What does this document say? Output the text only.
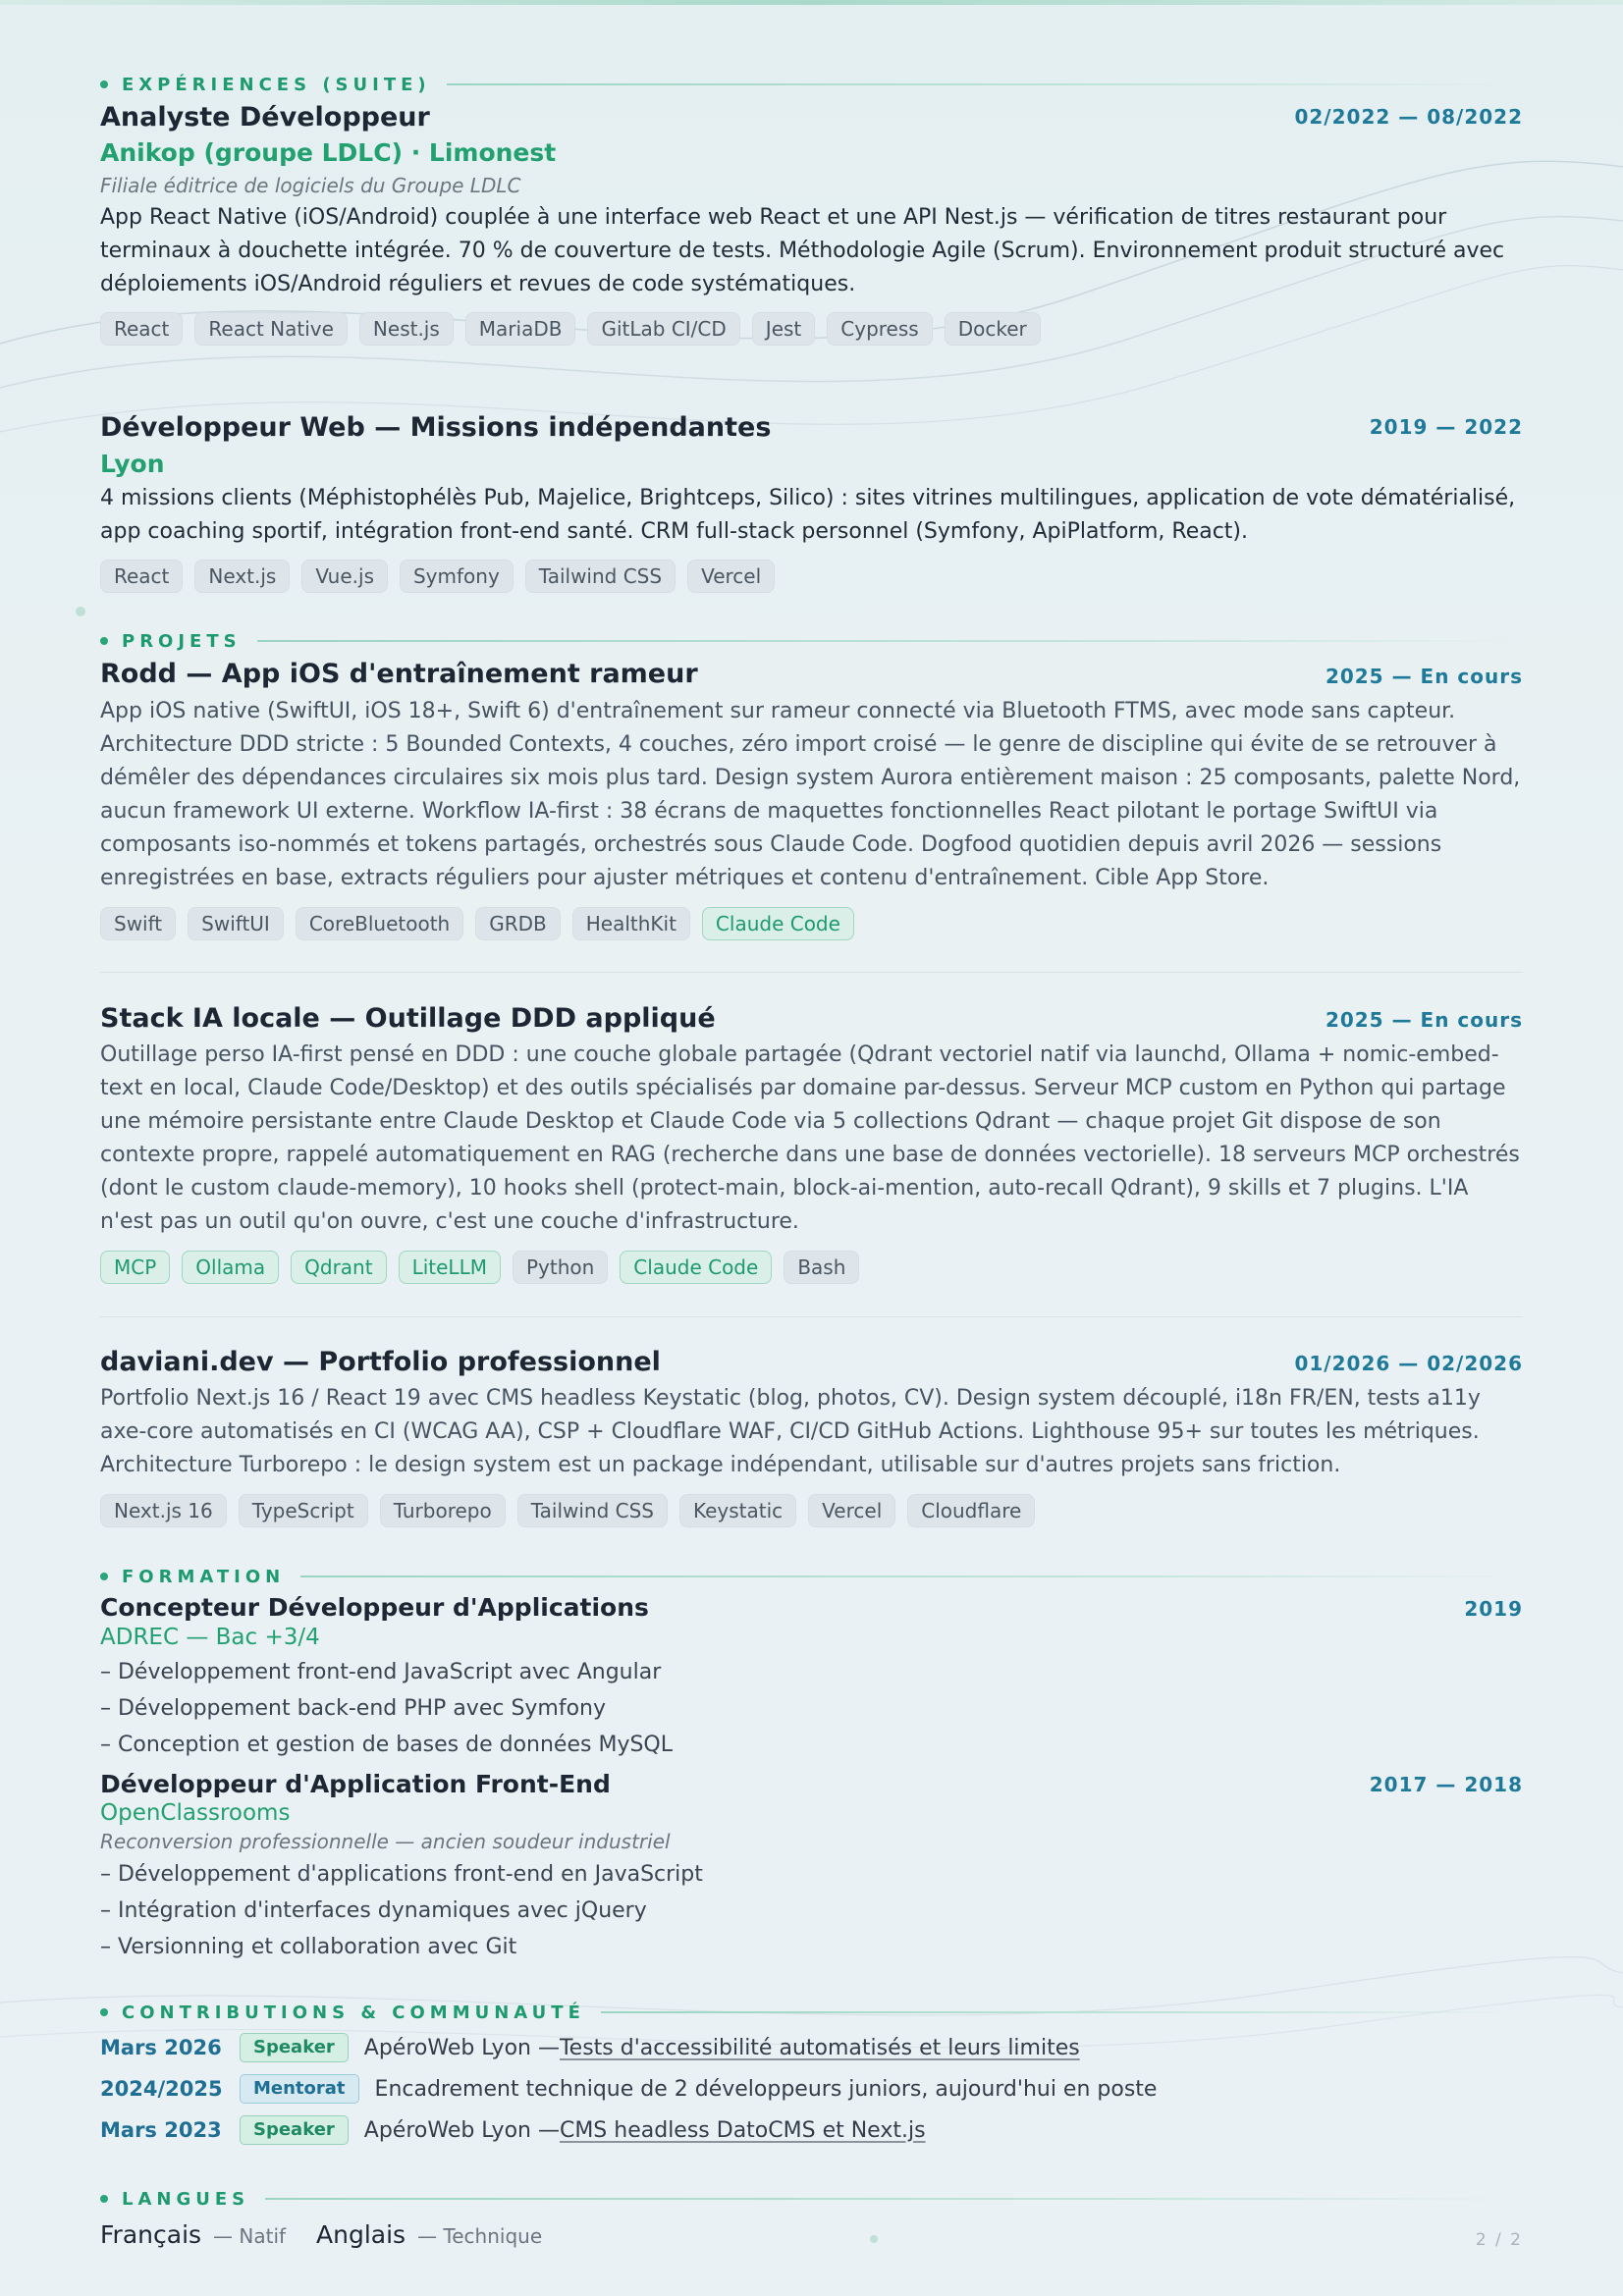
EXPÉRIENCES (SUITE)
Analyste Développeur	02/2022 — 08/2022
Anikop (groupe LDLC) · Limonest
Filiale éditrice de logiciels du Groupe LDLC
App React Native (iOS/Android) couplée à une interface web React et une API Nest.js — vérification de titres restaurant pour terminaux à douchette intégrée. 70 % de couverture de tests. Méthodologie Agile (Scrum). Environnement produit structuré avec déploiements iOS/Android réguliers et revues de code systématiques.
React	React Native	Nest.js	MariaDB	GitLab CI/CD	Jest	Cypress	Docker
Développeur Web — Missions indépendantes	2019 — 2022
Lyon
4 missions clients (Méphistophélès Pub, Majelice, Brightceps, Silico) : sites vitrines multilingues, application de vote dématérialisé, app coaching sportif, intégration front-end santé. CRM full-stack personnel (Symfony, ApiPlatform, React).
React	Next.js	Vue.js	Symfony	Tailwind CSS	Vercel
PROJETS
Rodd — App iOS d'entraînement rameur	2025 — En cours
App iOS native (SwiftUI, iOS 18+, Swift 6) d'entraînement sur rameur connecté via Bluetooth FTMS, avec mode sans capteur. Architecture DDD stricte : 5 Bounded Contexts, 4 couches, zéro import croisé — le genre de discipline qui évite de se retrouver à démêler des dépendances circulaires six mois plus tard. Design system Aurora entièrement maison : 25 composants, palette Nord, aucun framework UI externe. Workflow IA-first : 38 écrans de maquettes fonctionnelles React pilotant le portage SwiftUI via composants iso-nommés et tokens partagés, orchestrés sous Claude Code. Dogfood quotidien depuis avril 2026 — sessions enregistrées en base, extracts réguliers pour ajuster métriques et contenu d'entraînement. Cible App Store.
Swift	SwiftUI	CoreBluetooth	GRDB	HealthKit	Claude Code
Stack IA locale — Outillage DDD appliqué	2025 — En cours
Outillage perso IA-first pensé en DDD : une couche globale partagée (Qdrant vectoriel natif via launchd, Ollama + nomic-embed-text en local, Claude Code/Desktop) et des outils spécialisés par domaine par-dessus. Serveur MCP custom en Python qui partage une mémoire persistante entre Claude Desktop et Claude Code via 5 collections Qdrant — chaque projet Git dispose de son contexte propre, rappelé automatiquement en RAG (recherche dans une base de données vectorielle). 18 serveurs MCP orchestrés (dont le custom claude-memory), 10 hooks shell (protect-main, block-ai-mention, auto-recall Qdrant), 9 skills et 7 plugins. L'IA n'est pas un outil qu'on ouvre, c'est une couche d'infrastructure.
MCP	Ollama	Qdrant	LiteLLM	Python	Claude Code	Bash
daviani.dev — Portfolio professionnel	01/2026 — 02/2026
Portfolio Next.js 16 / React 19 avec CMS headless Keystatic (blog, photos, CV). Design system découplé, i18n FR/EN, tests a11y axe-core automatisés en CI (WCAG AA), CSP + Cloudflare WAF, CI/CD GitHub Actions. Lighthouse 95+ sur toutes les métriques. Architecture Turborepo : le design system est un package indépendant, utilisable sur d'autres projets sans friction.
Next.js 16	TypeScript	Turborepo	Tailwind CSS	Keystatic	Vercel	Cloudflare
FORMATION
Concepteur Développeur d'Applications	2019
ADREC — Bac +3/4
– Développement front-end JavaScript avec Angular
– Développement back-end PHP avec Symfony
– Conception et gestion de bases de données MySQL
Développeur d'Application Front-End	2017 — 2018
OpenClassrooms
Reconversion professionnelle — ancien soudeur industriel
– Développement d'applications front-end en JavaScript
– Intégration d'interfaces dynamiques avec jQuery
– Versionning et collaboration avec Git
CONTRIBUTIONS & COMMUNAUTÉ
Mars 2026	Speaker	ApéroWeb Lyon — Tests d'accessibilité automatisés et leurs limites
2024/2025	Mentorat	Encadrement technique de 2 développeurs juniors, aujourd'hui en poste
Mars 2023	Speaker	ApéroWeb Lyon — CMS headless DatoCMS et Next.js
LANGUES
Français — Natif Anglais — Technique	2 / 2
